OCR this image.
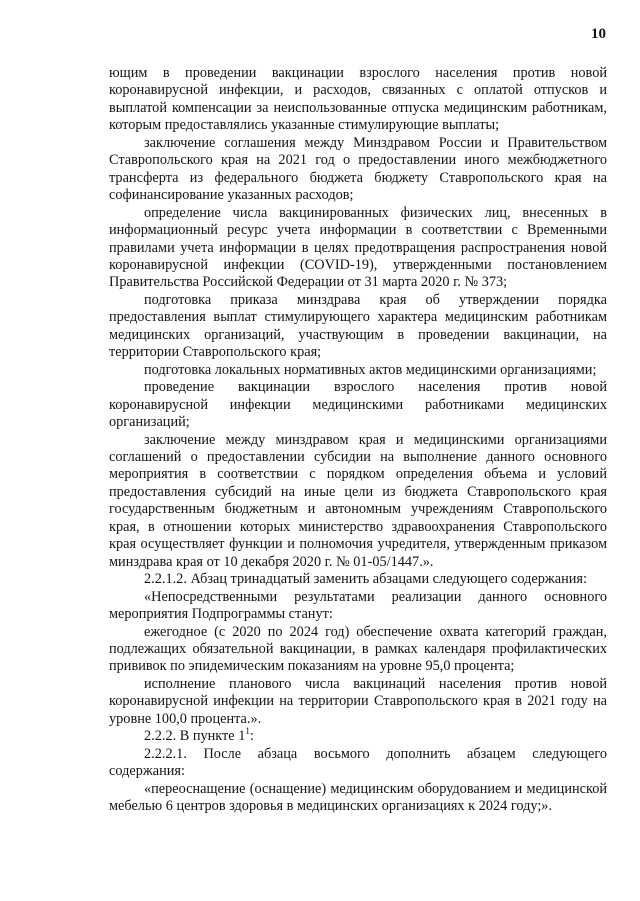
10

ющим в проведении вакцинации взрослого населения против новой коронавирусной инфекции, и расходов, связанных с оплатой отпусков и выплатой компенсации за неиспользованные отпуска медицинским работникам, которым предоставлялись указанные стимулирующие выплаты;

заключение соглашения между Минздравом России и Правительством Ставропольского края на 2021 год о предоставлении иного межбюджетного трансферта из федерального бюджета бюджету Ставропольского края на софинансирование указанных расходов;

определение числа вакцинированных физических лиц, внесенных в информационный ресурс учета информации в соответствии с Временными правилами учета информации в целях предотвращения распространения новой коронавирусной инфекции (COVID-19), утвержденными постановлением Правительства Российской Федерации от 31 марта 2020 г. № 373;

подготовка приказа минздрава края об утверждении порядка предоставления выплат стимулирующего характера медицинским работникам медицинских организаций, участвующим в проведении вакцинации, на территории Ставропольского края;

подготовка локальных нормативных актов медицинскими организациями;

проведение вакцинации взрослого населения против новой коронавирусной инфекции медицинскими работниками медицинских организаций;

заключение между минздравом края и медицинскими организациями соглашений о предоставлении субсидии на выполнение данного основного мероприятия в соответствии с порядком определения объема и условий предоставления субсидий на иные цели из бюджета Ставропольского края государственным бюджетным и автономным учреждениям Ставропольского края, в отношении которых министерство здравоохранения Ставропольского края осуществляет функции и полномочия учредителя, утвержденным приказом минздрава края от 10 декабря 2020 г. № 01-05/1447.».

2.2.1.2. Абзац тринадцатый заменить абзацами следующего содержания:

«Непосредственными результатами реализации данного основного мероприятия Подпрограммы станут:

ежегодное (с 2020 по 2024 год) обеспечение охвата категорий граждан, подлежащих обязательной вакцинации, в рамках календаря профилактических прививок по эпидемическим показаниям на уровне 95,0 процента;

исполнение планового числа вакцинаций населения против новой коронавирусной инфекции на территории Ставропольского края в 2021 году на уровне 100,0 процента.».

2.2.2. В пункте $1^1$:

2.2.2.1. После абзаца восьмого дополнить абзацем следующего содержания:

«переоснащение (оснащение) медицинским оборудованием и медицинской мебелью 6 центров здоровья в медицинских организациях к 2024 году;».
